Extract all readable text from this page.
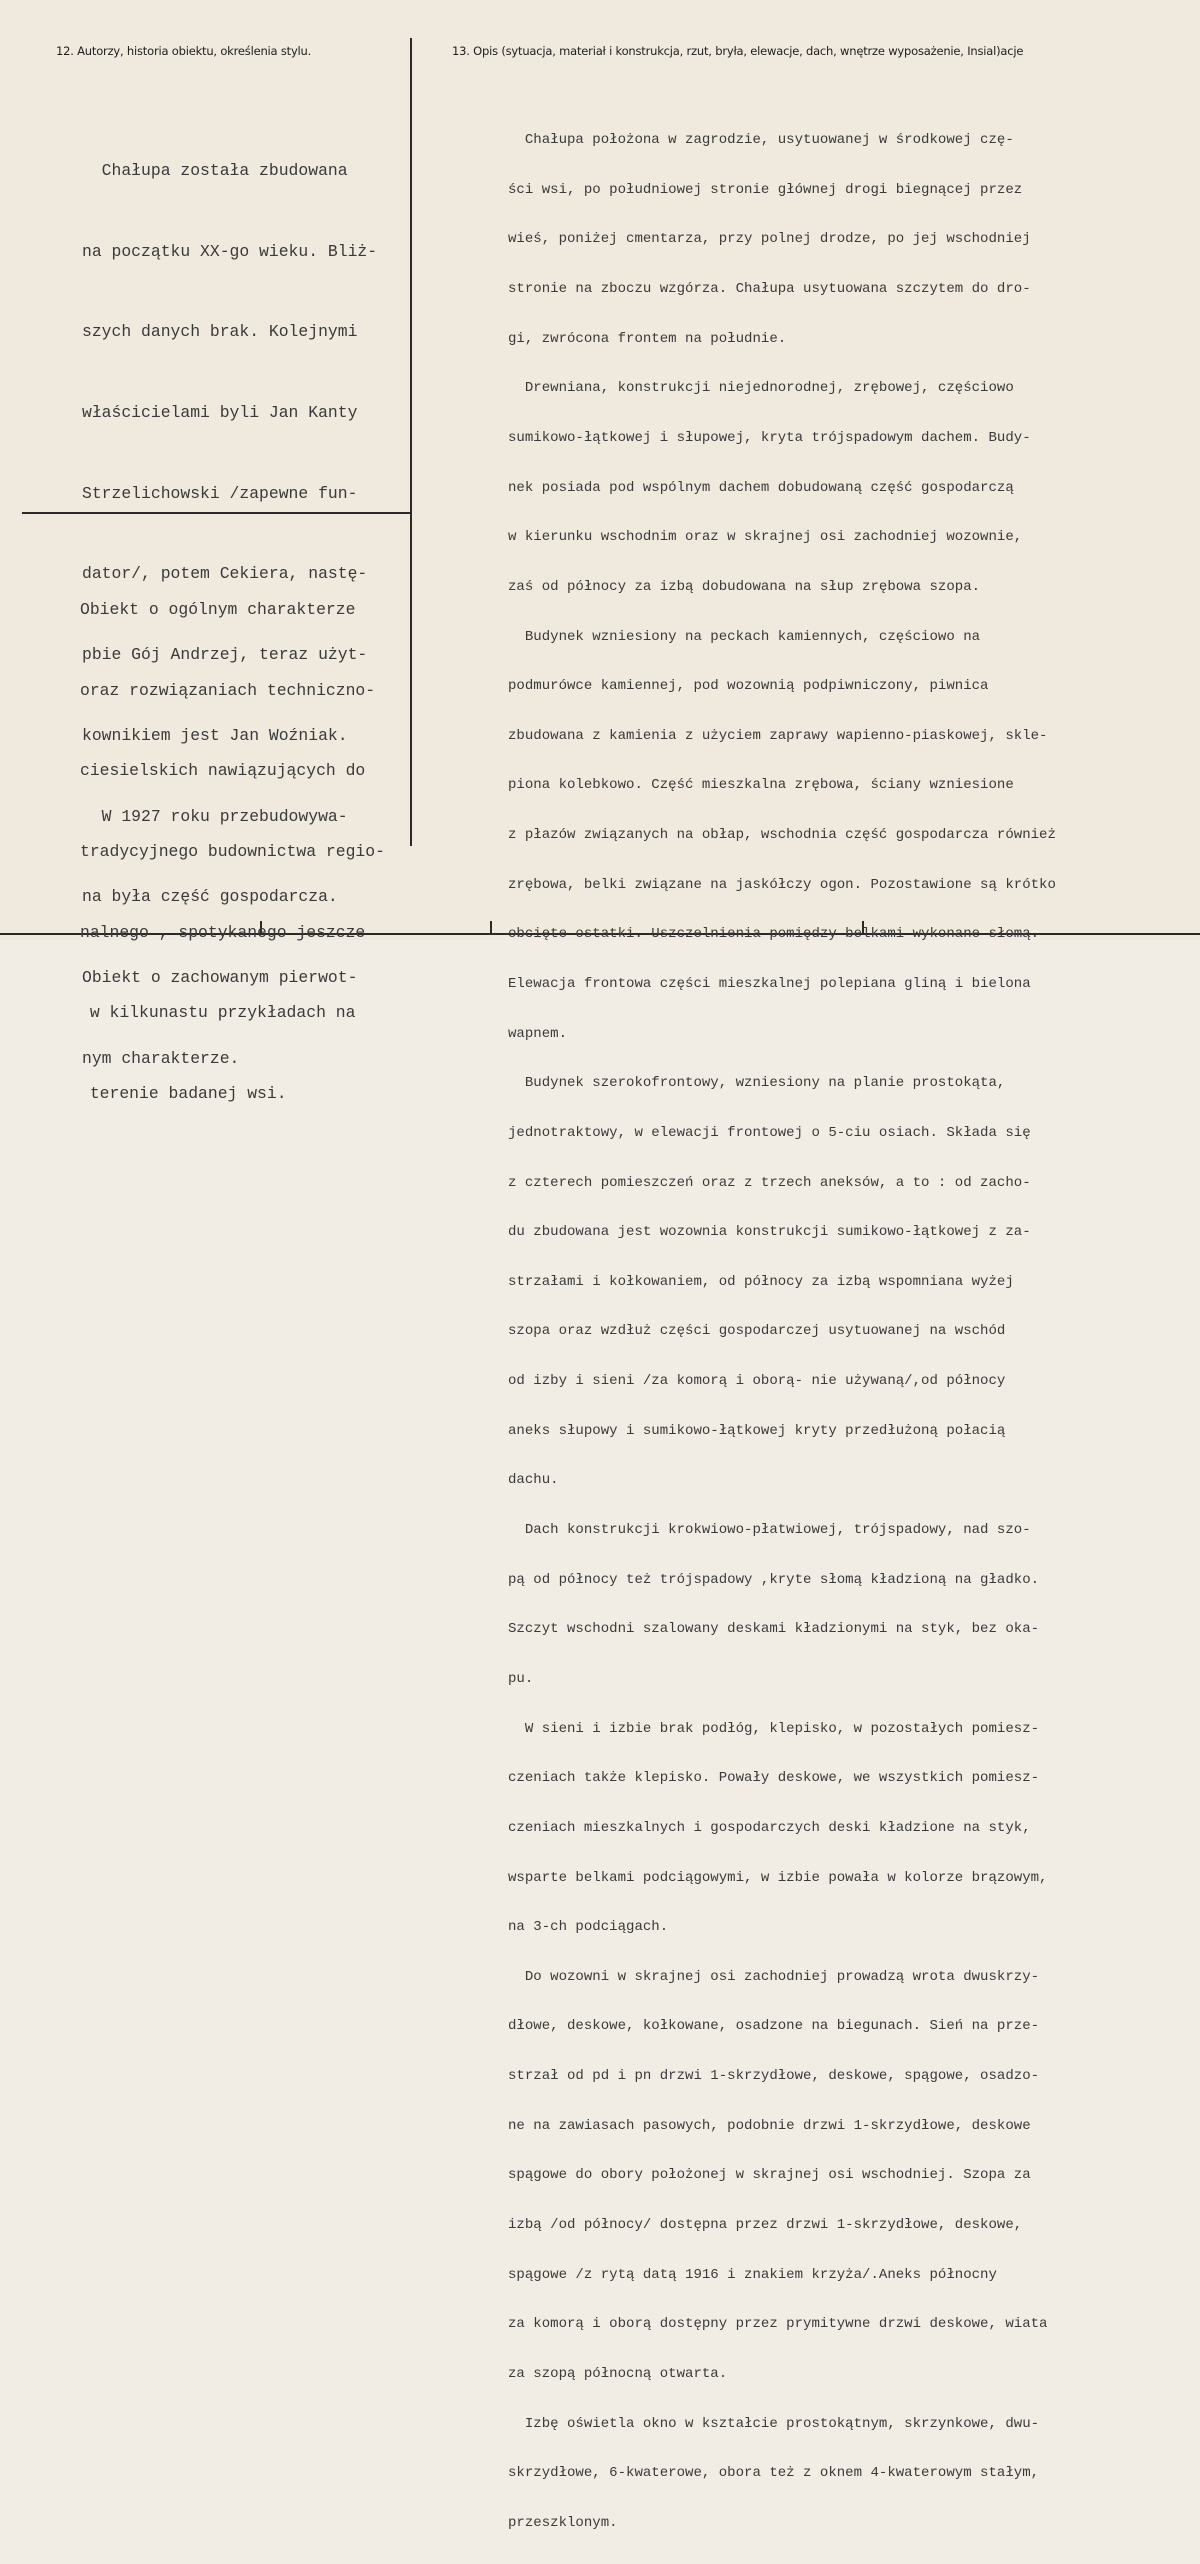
12. Autorzy, historia obiektu, określenia stylu.	13. Opis (sytuacja, materiał i konstrukcja, rzut, bryła, elewacje, dach, wnętrze wyposażenie, Insial)acje

Chałupa została zbudowana

na początku XX-go wieku. Bliż-

szych danych brak. Kolejnymi

właścicielami byli Jan Kanty

Strzelichowski /zapewne fun-

dator/, potem Cekiera, nastę-

pbie Gój Andrzej, teraz użyt-

kownikiem jest Jan Woźniak.

W 1927 roku przebudowywa-

na była część gospodarcza.

Obiekt o zachowanym pierwot-

nym charakterze.

Obiekt o ogólnym charakterze

oraz rozwiązaniach techniczno-

ciesielskich nawiązujących do

tradycyjnego budownictwa regio-

nalnego , spotykanego jeszcze

w kilkunastu przykładach na

terenie badanej wsi.

Chałupa położona w zagrodzie, usytuowanej w środkowej czę-

ści wsi, po południowej stronie głównej drogi biegnącej przez

wieś, poniżej cmentarza, przy polnej drodze, po jej wschodniej

stronie na zboczu wzgórza. Chałupa usytuowana szczytem do dro-

gi, zwrócona frontem na południe.

Drewniana, konstrukcji niejednorodnej, zrębowej, częściowo

sumikowo-łątkowej i słupowej, kryta trójspadowym dachem. Budy-

nek posiada pod wspólnym dachem dobudowaną część gospodarczą

w kierunku wschodnim oraz w skrajnej osi zachodniej wozownie,

zaś od północy za izbą dobudowana na słup zrębowa szopa.

Budynek wzniesiony na peckach kamiennych, częściowo na

podmurówce kamiennej, pod wozownią podpiwniczony, piwnica

zbudowana z kamienia z użyciem zaprawy wapienno-piaskowej, skle-

piona kolebkowo. Część mieszkalna zrębowa, ściany wzniesione

z płazów związanych na obłap, wschodnia część gospodarcza również

zrębowa, belki związane na jaskółczy ogon. Pozostawione są krótko

obcięte ostatki. Uszczelnienia pomiędzy belkami wykonane słomą.

Elewacja frontowa części mieszkalnej polepiana gliną i bielona

wapnem.

Budynek szerokofrontowy, wzniesiony na planie prostokąta,

jednotraktowy, w elewacji frontowej o 5-ciu osiach. Składa się

z czterech pomieszczeń oraz z trzech aneksów, a to : od zacho-

du zbudowana jest wozownia konstrukcji sumikowo-łątkowej z za-

strzałami i kołkowaniem, od północy za izbą wspomniana wyżej

szopa oraz wzdłuż części gospodarczej usytuowanej na wschód

od izby i sieni /za komorą i oborą- nie używaną/,od północy

aneks słupowy i sumikowo-łątkowej kryty przedłużoną połacią

dachu.

Dach konstrukcji krokwiowo-płatwiowej, trójspadowy, nad szo-

pą od północy też trójspadowy ,kryte słomą kładzioną na gładko.

Szczyt wschodni szalowany deskami kładzionymi na styk, bez oka-

pu.

W sieni i izbie brak podłóg, klepisko, w pozostałych pomiesz-

czeniach także klepisko. Powały deskowe, we wszystkich pomiesz-

czeniach mieszkalnych i gospodarczych deski kładzione na styk,

wsparte belkami podciągowymi, w izbie powała w kolorze brązowym,

na 3-ch podciągach.

Do wozowni w skrajnej osi zachodniej prowadzą wrota dwuskrzy-

dłowe, deskowe, kołkowane, osadzone na biegunach. Sień na prze-

strzał od pd i pn drzwi 1-skrzydłowe, deskowe, spągowe, osadzo-

ne na zawiasach pasowych, podobnie drzwi 1-skrzydłowe, deskowe

spągowe do obory położonej w skrajnej osi wschodniej. Szopa za

izbą /od północy/ dostępna przez drzwi 1-skrzydłowe, deskowe,

spągowe /z rytą datą 1916 i znakiem krzyża/.Aneks północny

za komorą i oborą dostępny przez prymitywne drzwi deskowe, wiata

za szopą północną otwarta.

Izbę oświetla okno w kształcie prostokątnym, skrzynkowe, dwu-

skrzydłowe, 6-kwaterowe, obora też z oknem 4-kwaterowym stałym,

przeszklonym.
